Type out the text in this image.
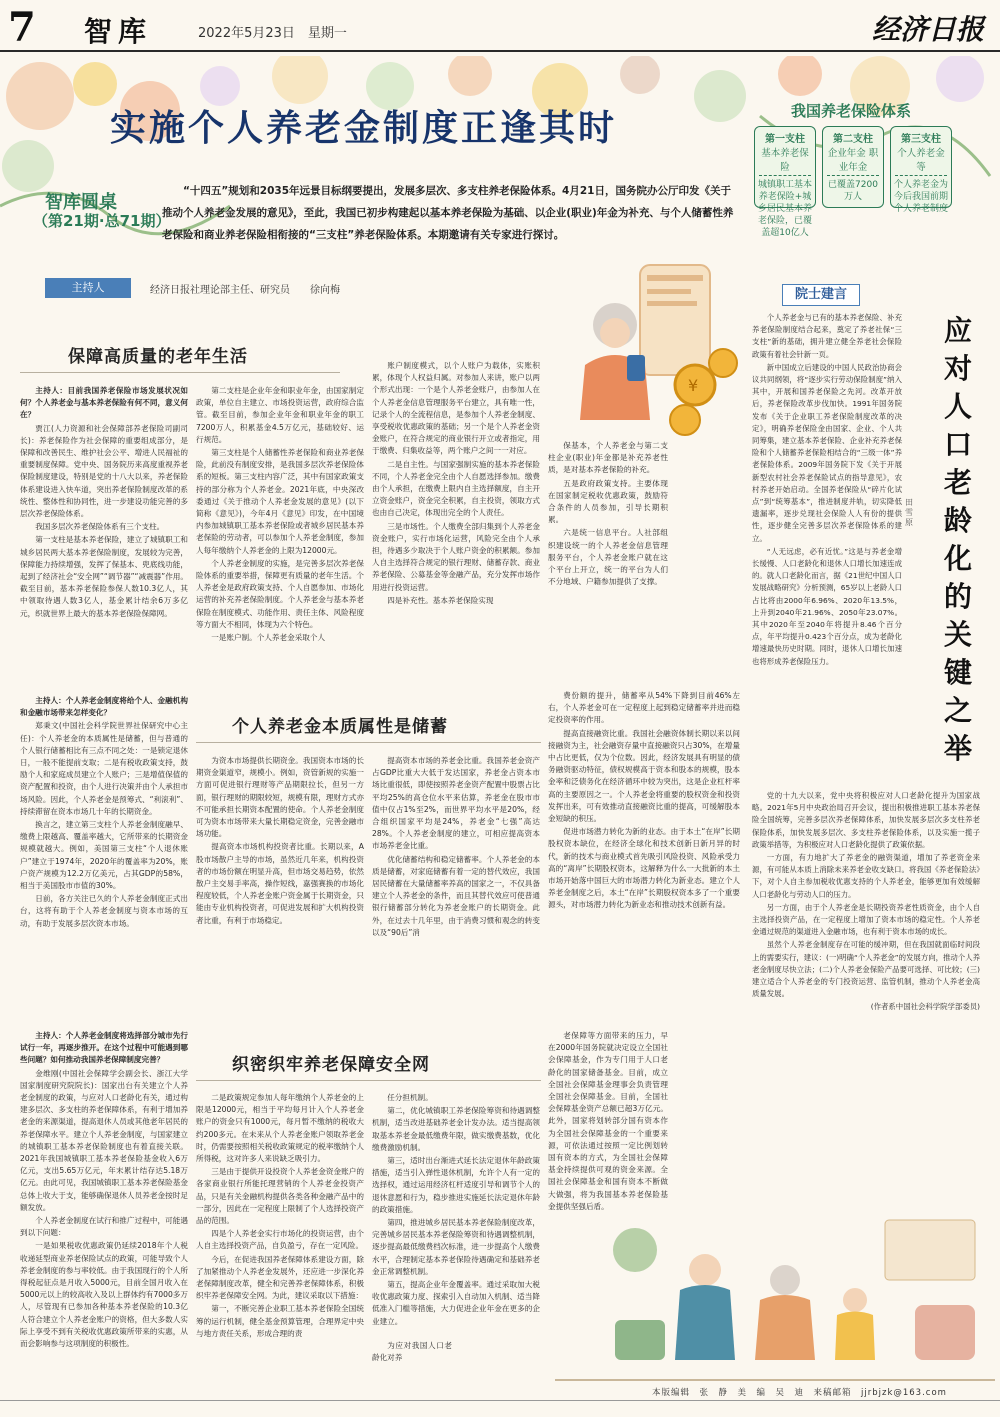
7 智库	2022年5月23日　星期一	经济日报
实施个人养老金制度正逢其时
智库圆桌
（第21期·总71期）
“十四五”规划和2035年远景目标纲要提出，发展多层次、多支柱养老保险体系。4月21日，国务院办公厅印发《关于推动个人养老金发展的意见》，至此，我国已初步构建起以基本养老保险为基础、以企业(职业)年金为补充、与个人储蓄性养老保险和商业养老保险相衔接的“三支柱”养老保险体系。本期邀请有关专家进行探讨。
我国养老保险体系
第一支柱
基本养老保险
城镇职工基本养老保险+城乡居民基本养老保险，已覆盖超10亿人
第二支柱
企业年金 职业年金
已覆盖7200万人
第三支柱
个人养老金等
个人养老金为今后我国前期个人养老制度
主持人	经济日报社理论部主任、研究员　　徐向梅
保障高质量的老年生活

主持人：目前我国养老保险市场发展状况如何？个人养老金与基本养老保险有何不同，意义何在？

贾江(人力资源和社会保障部养老保险司副司长)：养老保险作为社会保障的重要组成部分，是保障和改善民生、维护社会公平、增进人民福祉的重要制度保障。党中央、国务院历来高度重视养老保险制度建设，特别是党的十八大以来，养老保险体系建设进入快车道，突出养老保险制度改革的系统性、整体性和协同性，进一步建设功能完善的多层次养老保险体系。

我国多层次养老保险体系有三个支柱。

第一支柱是基本养老保险，建立了城镇职工和城乡居民两大基本养老保险制度，发展较为完善，保障能力持续增强，发挥了保基本、兜底线功能，起到了经济社会“安全网”“调节器”“减震器”作用。截至目前，基本养老保险参保人数10.3亿人，其中领取待遇人数3亿人，基金累计结余6万多亿元，织就世界上最大的基本养老保险保障网。

第二支柱是企业年金和职业年金，由国家制定政策，单位自主建立、市场投资运营，政府综合监管。截至目前，参加企业年金和职业年金的职工7200万人，积累基金4.5万亿元，基础较好、运行规范。

第三支柱是个人储蓄性养老保险和商业养老保险，此前没有制度安排，是我国多层次养老保险体系的短板。第三支柱内容广泛，其中有国家政策支持的部分称为个人养老金。2021年底，中央深改委通过《关于推动个人养老金发展的意见》(以下简称《意见》)，今年4月《意见》印发，在中国境内参加城镇职工基本养老保险或者城乡居民基本养老保险的劳动者，可以参加个人养老金制度，参加人每年缴纳个人养老金的上限为12000元。

个人养老金制度的实施，是完善多层次养老保险体系的重要举措，保障更有质量的老年生活。个人养老金是政府政策支持、个人自愿参加、市场化运营的补充养老保险制度。个人养老金与基本养老保险在制度模式、功能作用、责任主体、风险程度等方面大不相同，体现为六个特色。

一是账户制。个人养老金采取个人

账户制度模式，以个人账户为载体，实账积累，体现个人权益归属。对参加人来讲，账户以两个形式出现：一个是个人养老金账户，由参加人在个人养老金信息管理服务平台建立，具有唯一性，记录个人的全流程信息，是参加个人养老金制度、享受税收优惠政策的基础；另一个是个人养老金资金账户，在符合规定的商业银行开立或者指定，用于缴费、归集收益等，两个账户之间一一对应。

二是自主性。与国家强制实施的基本养老保险不同，个人养老金完全由个人自愿选择参加。缴费由个人承担，在缴费上限内自主选择额度，自主开立资金账户，资金完全积累，自主投资，领取方式也由自己决定，体现出完全的个人责任。

三是市场性。个人缴费全部归集到个人养老金资金账户，实行市场化运营，风险完全由个人承担，待遇多少取决于个人账户资金的积累额。参加人自主选择符合规定的银行理财、储蓄存款、商业养老保险、公募基金等金融产品，充分发挥市场作用进行投资运营。

四是补充性。基本养老保险实现

保基本，个人养老金与第二支柱企业(职业)年金都是补充养老性质，是对基本养老保险的补充。

五是政府政策支持。主要体现在国家制定税收优惠政策，鼓励符合条件的人员参加，引导长期积累。

六是统一信息平台。人社部组织建设统一的个人养老金信息管理服务平台，个人养老金账户就在这个平台上开立，统一的平台为人们不分地域、户籍参加提供了支撑。

¥
个人养老金本质属性是储蓄

主持人：个人养老金制度将给个人、金融机构和金融市场带来怎样变化？

郑秉文(中国社会科学院世界社保研究中心主任)：个人养老金的本质属性是储蓄，但与普通的个人银行储蓄相比有三点不同之处：一是锁定退休日，一般不能提前支取；二是有税收政策支持，鼓励个人和家庭成员建立个人账户；三是增值保值的资产配置和投资，由个人进行决策并由个人承担市场风险。因此，个人养老金是预筹式、“利滚利”、持续滞留在资本市场几十年的长期资金。

换言之，建立第三支柱个人养老金制度融早、缴费上限越高、覆盖率越大，它所带来的长期资金规模就越大。例如，美国第三支柱“个人退休账户”建立于1974年，2020年的覆盖率为20%，账户资产规模为12.2万亿美元，占其GDP的58%，相当于美国股市市值的30%。

日前，各方关注已久的个人养老金制度正式出台，这将有助于个人养老金制度与资本市场的互动，有助于发展多层次资本市场。

为资本市场提供长期资金。我国资本市场的长期资金渠道窄，规模小。例如，资管新规的实施一方面可促进银行理财等产品期限拉长，但另一方面，银行理财的期限较短，规模有限，理财方式亦不可能承担长期资本配置的使命。个人养老金制度可为资本市场带来大量长期稳定资金，完善金融市场功能。

提高资本市场机构投资者比重。长期以来，A股市场散户主导的市场，虽然近几年来，机构投资者的市场份额在明显升高，但市场交易趋势，依然散户主交易手率高，操作短线，嘉强赛换的市场化程度较低，个人养老金账户资金属于长期资金，只能由专业机构投资者，可促进发展和扩大机构投资者比重，有利于市场稳定。

提高资本市场的养老金比重。我国养老金资产占GDP比重大大低于发达国家，养老金占资本市场比重很低，即使按照养老金资产配置中股票占比平均25%的高仓位水平来估算，养老金在股市市值中仅占1%至2%，而世界平均水平是20%，经合组织国家平均是24%，养老金“七强”高达28%。个人养老金制度的建立，可相应提高资本市场养老金比重。

优化储蓄结构和稳定储蓄率。个人养老金的本质是储蓄，对家庭储蓄有着一定的替代效应，我国居民储蓄在大量储蓄率养高的国家之一，不仅具备建立个人养老金的条件，而且其替代效应可使普通银行储蓄部分转化为养老金账户的长期资金。此外，在过去十几年里，由于消费习惯和观念的转变以及“90后”消

费份额的提升，储蓄率从54%下降到目前46%左右，个人养老金可在一定程度上起到稳定储蓄率并进而稳定投资率的作用。

提高直接融资比重。我国社会融资体制长期以来以间接融资为主，社会融资存量中直接融资只占30%，在增量中占比更低，仅为个位数。因此，经济发展具有明显的债务融资驱动特征，债权规模高于资本和股本的规模，股本金率和泛债务化在经济循环中较为突出，这是企业杠杆率高的主要原因之一。个人养老金将重要的股权资金和投资发挥出来，可有效推动直接融资比重的提高，可缓解股本金短缺的积压。

促进市场潜力转化为新的业态。由于本土“在岸”长期股权资本缺位，在经济全球化和技术创新日新月异的时代，新的技术与商业模式首先吸引风险投资、风险承受力高的“离岸”长期股权资本，这解释为什么一大批新的本土市场开始落中国巨大的市场潜力转化为新业态。建立个人养老金制度之后，本土“在岸”长期股权资本多了一个重要源头，对市场潜力转化为新业态和推动技术创新有益。

织密织牢养老保障安全网

主持人：个人养老金制度将选择部分城市先行试行一年，再逐步推开。在这个过程中可能遇到哪些问题？如何推动我国养老保障制度完善？

金维刚(中国社会保障学会副会长、浙江大学国家制度研究院院长)：国家出台有关建立个人养老金制度的政策，与应对人口老龄化有关，通过构建多层次、多支柱的养老保障体系，有利于增加养老金的来源渠道，提高退休人员或其他老年居民的养老保障水平。建立个人养老金制度，与国家建立的城镇职工基本养老保险制度也有着直接关联。2021年我国城镇职工基本养老保险基金收入6万亿元，支出5.65万亿元，年末累计结存达5.18万亿元。由此可见，我国城镇职工基本养老保险基金总体上收大于支，能够确保退休人员养老金按时足额发放。

个人养老金制度在试行和推广过程中，可能遇到以下问题：

一是如果税收优惠政策仍延续2018年个人税收递延型商业养老保险试点的政策，可能导致个人养老金制度的参与率较低。由于我国现行的个人所得税起征点是月收入5000元，目前全国月收入在5000元以上的较高收入及以上群体约有7000多万人，尽管现有已参加各种基本养老保险的10.3亿人符合建立个人养老金账户的资格，但大多数人实际上享受不到有关税收优惠政策所带来的实惠，从而会影响参与这项制度的积极性。

二是政策规定参加人每年缴纳个人养老金的上限是12000元，相当于平均每月计入个人养老金账户的资金只有1000元，每月暂不缴纳的税收大约200多元。在未来从个人养老金账户领取养老金时，仍需要按照相关税收政策规定的税率缴纳个人所得税，这对许多人来说缺乏吸引力。

三是由于提供开设投资个人养老金资金账户的各家商业银行所能托理营销的个人养老金投资产品，只是有关金融机构提供各类各种金融产品中的一部分，因此在一定程度上限制了个人选择投资产品的范围。

四是个人养老金实行市场化的投资运营，由个人自主选择投资产品，自负盈亏，存在一定风险。

今后，在促进我国养老保障体系建设方面，除了加紧推动个人养老金发展外，还应进一步深化养老保障制度改革，健全和完善养老保障体系，积极织牢养老保障安全网。为此，建议采取以下措施：

第一，不断完善企业职工基本养老保险全国统筹的运行机制，健全基金预算管理，合理界定中央与地方责任关系，形成合理的责

任分担机制。

第二，优化城镇职工养老保险筹资和待遇调整机制，适当改进基础养老金计发办法。适当提高领取基本养老金最低缴费年限，做实缴费基数，优化缴费激励机制。

第三，适时出台渐进式延长法定退休年龄政策措施，适当引入弹性退休机制，允许个人有一定的选择权，通过运用经济杠杆适度引导和调节个人的退休意愿和行为，稳步推进实施延长法定退休年龄的政策措施。

第四，推进城乡居民基本养老保险制度改革，完善城乡居民基本养老保险筹资和待遇调整机制，逐步提高最低缴费档次标准，进一步提高个人缴费水平，合理制定基本养老保险待遇确定和基础养老金正常调整机制。

第五，提高企业年金覆盖率。通过采取加大税收优惠政策力度、探索引入自动加入机制、适当降低准入门槛等措施，大力促进企业年金在更多的企业建立。

老保障等方面带来的压力，早在2000年国务院就决定设立全国社会保障基金，作为专门用于人口老龄化的国家储备基金。目前，成立全国社会保障基金理事会负责管理全国社会保障基金。目前，全国社会保障基金资产总额已超3万亿元。此外，国家将划转部分国有资本作为全国社会保障基金的一个重要来源，可依法通过按照一定比例划转国有资本的方式，为全国社会保障基金持续提供可观的资金来源。全国社会保障基金和国有资本不断做大做强，将为我国基本养老保险基金提供坚强后盾。

为应对我国人口老龄化对养

院士建言
应对人口老龄化的关键之举
田雪原

个人养老金与已有的基本养老保险、补充养老保险制度结合起来，奠定了养老社保“三支柱”新的基础，拥升建立健全养老社会保险政策有着社会针新一页。

新中国成立后建设的中国人民政治协商会议共同纲领，将“逐步实行劳动保险制度”纳入其中，开展和国养老保险之先河。改革开放后，养老保险改革步伐加快。1991年国务院发布《关于企业职工养老保险制度改革的决定》，明确养老保险金由国家、企业、个人共同筹集，建立基本养老保险、企业补充养老保险和个人储蓄养老保险相结合的“三级一体”养老保险体系。2009年国务院下发《关于开展新型农村社会养老保险试点的指导意见》，农村养老开始启动。全国养老保险从“碎片化试点”到“统筹基本”，推进制度并轨，切实降低遗漏率，逐步兑现社会保险人人有份的提供性，逐步健全完善多层次养老保险体系的建立。

“人无远虑，必有近忧。”这是与养老金增长缓慢、人口老龄化和退休人口增长加速连成的。就人口老龄化而言，据《21世纪中国人口发展战略研究》分析预测，65岁以上老龄人口占比将由2000年6.96%、2020年13.5%，上升到2040年21.96%、2050年23.07%。其中2020年至2040年将提升8.46个百分点，年平均提升0.423个百分点，成为老龄化增速最快历史时期。同时，退休人口增长加速也将形成养老保险压力。

党的十九大以来，党中央将积极应对人口老龄化提升为国家战略。2021年5月中央政治局召开会议，提出积极推进职工基本养老保险全国统筹，完善多层次养老保障体系，加快发展多层次多支柱养老保险体系，加快发展多层次、多支柱养老保险体系，以及实施一揽子政策举措等，为积极应对人口老龄化提供了政策依据。

一方面，有力地扩大了养老金的融资渠道，增加了养老资金来源，有可能从本质上消除未来养老金收支缺口。将我国《养老保险法》下，对个人自主参加税收优惠支持的个人养老金，能够更加有效缓解人口老龄化与劳动人口的压力。

另一方面，由于个人养老金是长期投资养老性质资金，由个人自主选择投资产品，在一定程度上增加了资本市场的稳定性。个人养老金通过规范的渠道进入金融市场，也有利于资本市场的成长。

虽然个人养老金制度存在可能的缓冲期，但在我国就面临时间段上的需要实行，建议：(一)明确“个人养老金”的发展方向，推动个人养老金制度尽快立法；(二)个人养老金保险产品要可选择、可比较；(三)建立适合个人养老金的专门投资运营、监管机制，推动个人养老金高质量发展。

(作者系中国社会科学院学部委员)

本版编辑　张　静　美　编　吴　迪　来稿邮箱　jjrbjzk@163.com
